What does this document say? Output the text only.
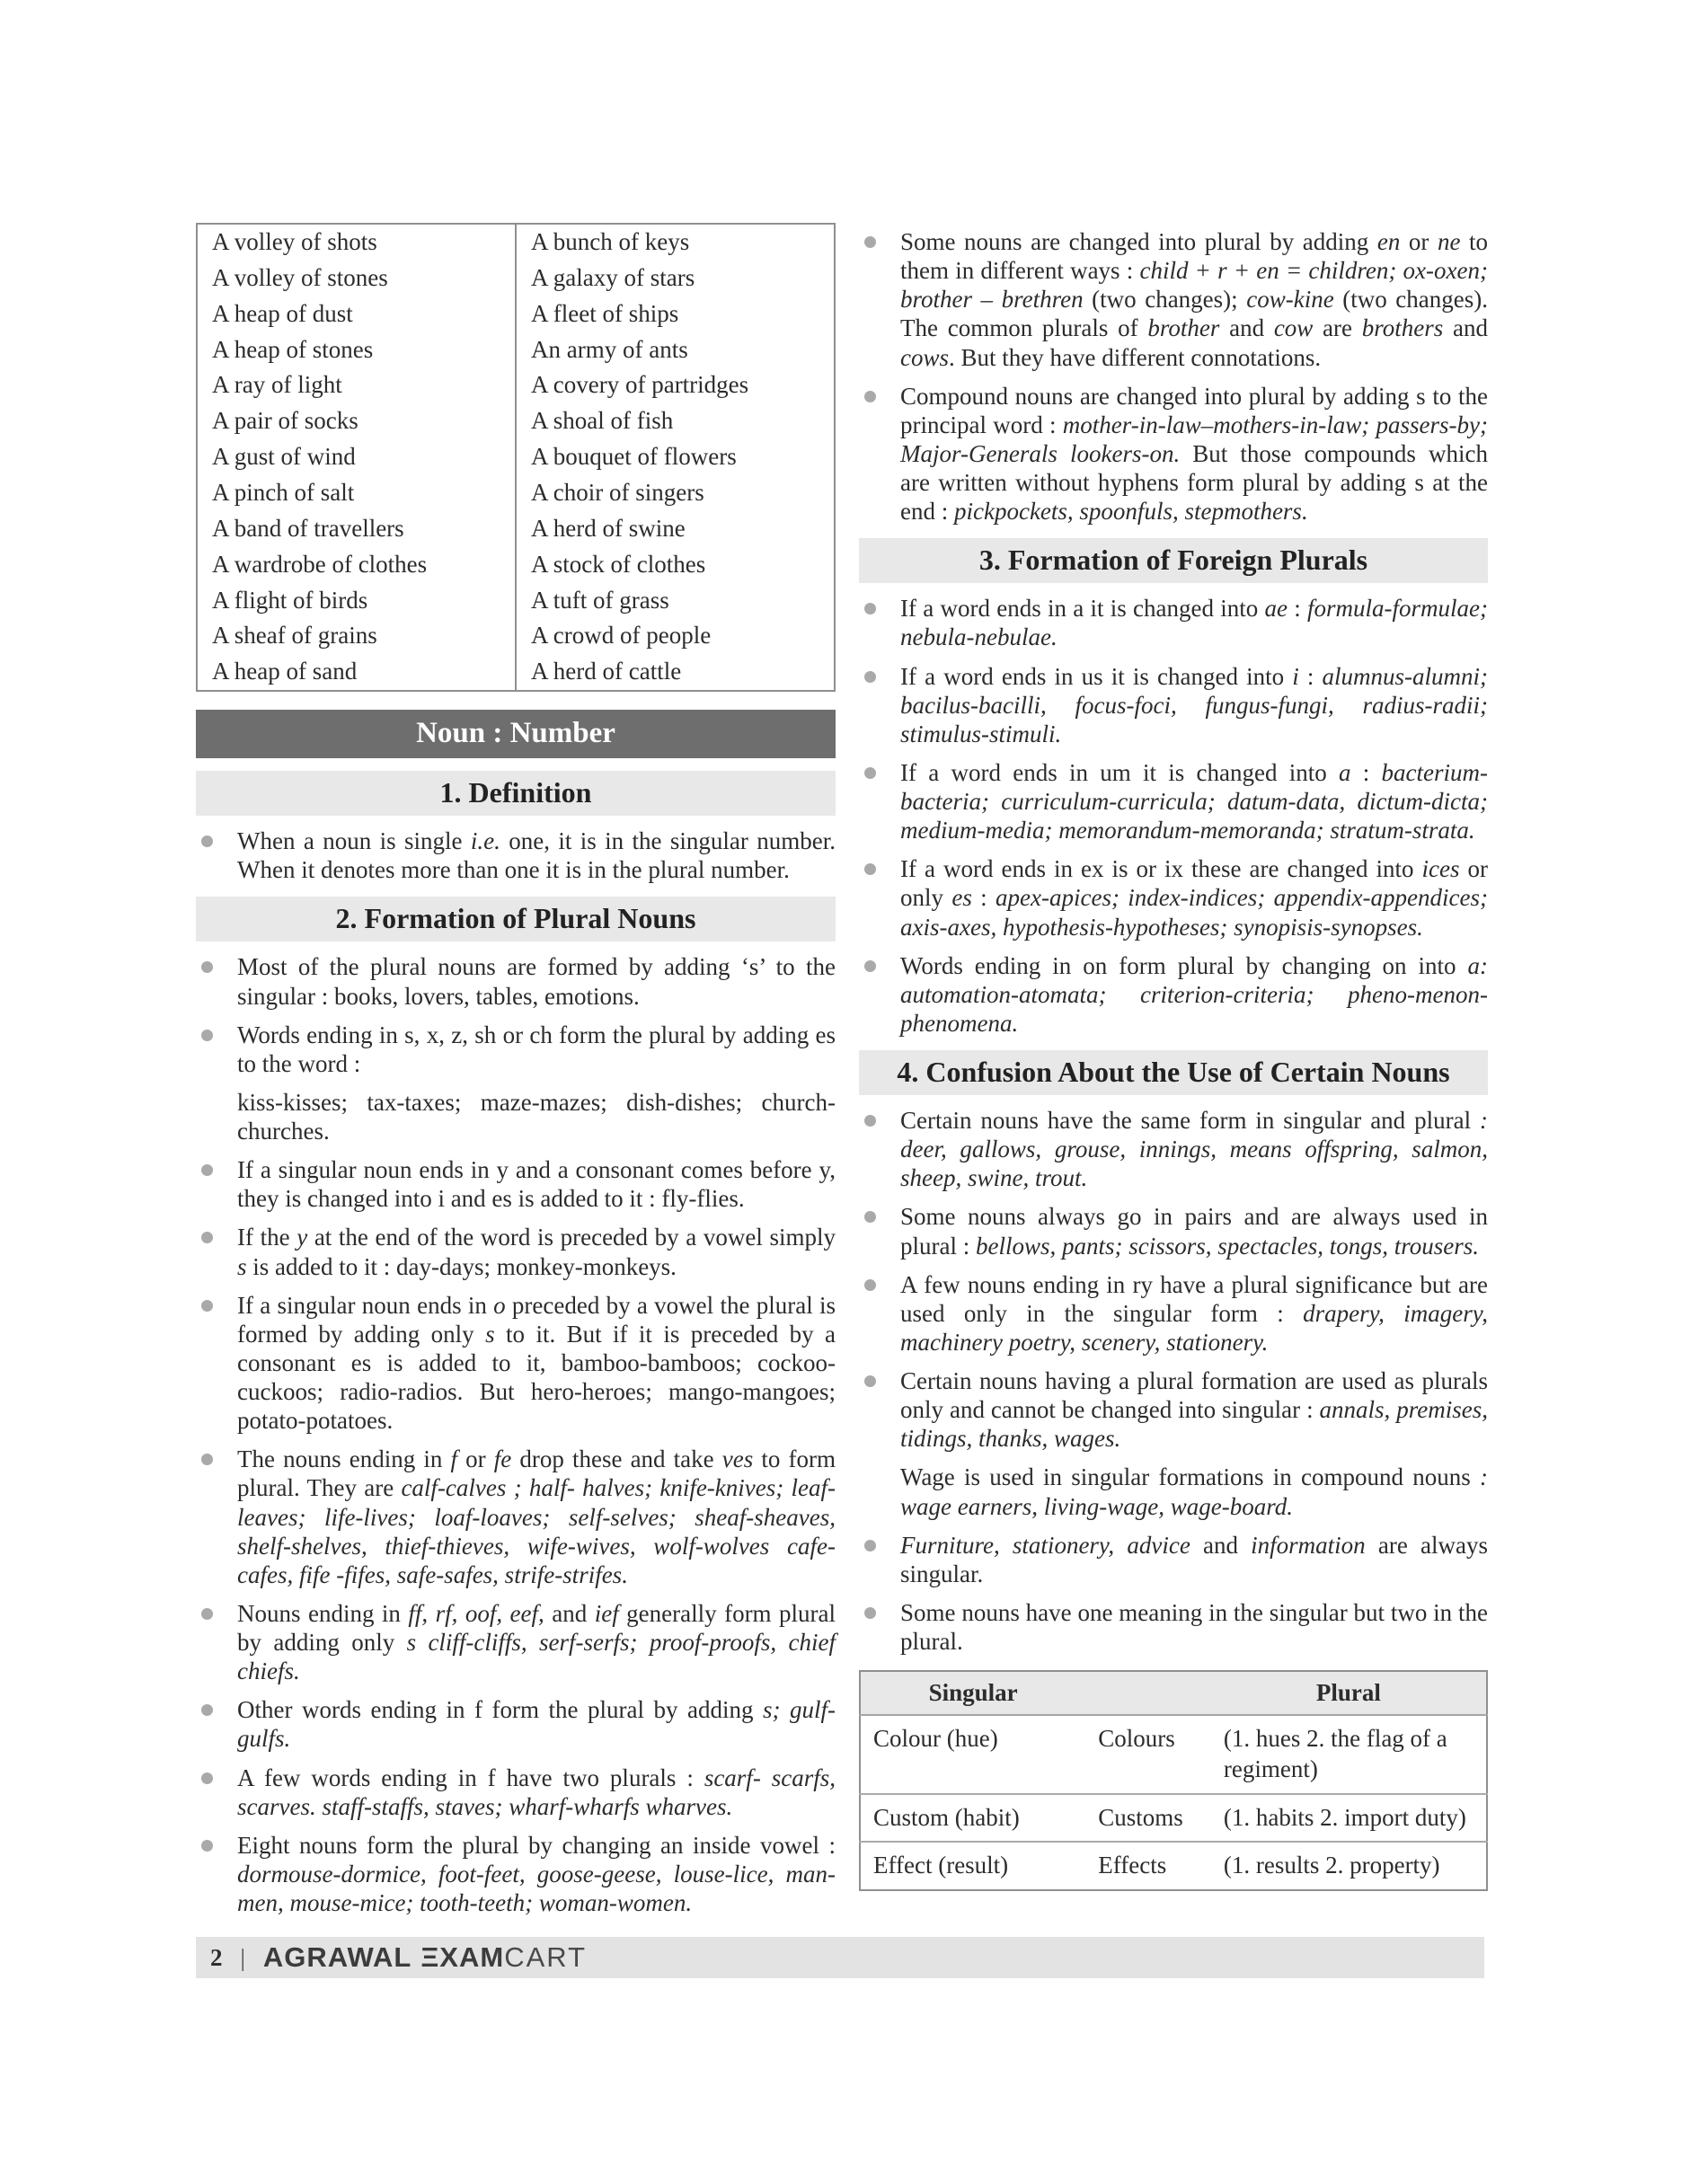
A volley of shots	A bunch of keys
A volley of stones	A galaxy of stars
A heap of dust	A fleet of ships
A heap of stones	An army of ants
A ray of light	A covery of partridges
A pair of socks	A shoal of fish
A gust of wind	A bouquet of flowers
A pinch of salt	A choir of singers
A band of travellers	A herd of swine
A wardrobe of clothes	A stock of clothes
A flight of birds	A tuft of grass
A sheaf of grains	A crowd of people
A heap of sand	A herd of cattle
Noun : Number
1. Definition
When a noun is single i.e. one, it is in the singular number. When it denotes more than one it is in the plural number.
2. Formation of Plural Nouns
Most of the plural nouns are formed by adding ‘s’ to the singular : books, lovers, tables, emotions.
Words ending in s, x, z, sh or ch form the plural by adding es to the word :
kiss-kisses; tax-taxes; maze-mazes; dish-dishes; church-churches.
If a singular noun ends in y and a consonant comes before y, they is changed into i and es is added to it : fly-flies.
If the y at the end of the word is preceded by a vowel simply s is added to it : day-days; monkey-monkeys.
If a singular noun ends in o preceded by a vowel the plural is formed by adding only s to it. But if it is preceded by a consonant es is added to it, bamboo-bamboos; cockoo-cuckoos; radio-radios. But hero-heroes; mango-mangoes; potato-potatoes.
The nouns ending in f or fe drop these and take ves to form plural. They are calf-calves ; half- halves; knife-knives; leaf-leaves; life-lives; loaf-loaves; self-selves; sheaf-sheaves, shelf-shelves, thief-thieves, wife-wives, wolf-wolves cafe-cafes, fife -fifes, safe-safes, strife-strifes.
Nouns ending in ff, rf, oof, eef, and ief generally form plural by adding only s cliff-cliffs, serf-serfs; proof-proofs, chief chiefs.
Other words ending in f form the plural by adding s; gulf-gulfs.
A few words ending in f have two plurals : scarf- scarfs, scarves. staff-staffs, staves; wharf-wharfs wharves.
Eight nouns form the plural by changing an inside vowel : dormouse-dormice, foot-feet, goose-geese, louse-lice, man-men, mouse-mice; tooth-teeth; woman-women.
Some nouns are changed into plural by adding en or ne to them in different ways : child + r + en = children; ox-oxen; brother – brethren (two changes); cow-kine (two changes). The common plurals of brother and cow are brothers and cows. But they have different connotations.
Compound nouns are changed into plural by adding s to the principal word : mother-in-law–mothers-in-law; passers-by; Major-Generals lookers-on. But those compounds which are written without hyphens form plural by adding s at the end : pickpockets, spoonfuls, stepmothers.
3. Formation of Foreign Plurals
If a word ends in a it is changed into ae : formula-formulae; nebula-nebulae.
If a word ends in us it is changed into i : alumnus-alumni; bacilus-bacilli, focus-foci, fungus-fungi, radius-radii; stimulus-stimuli.
If a word ends in um it is changed into a : bacterium-bacteria; curriculum-curricula; datum-data, dictum-dicta; medium-media; memorandum-memoranda; stratum-strata.
If a word ends in ex is or ix these are changed into ices or only es : apex-apices; index-indices; appendix-appendices; axis-axes, hypothesis-hypotheses; synopisis-synopses.
Words ending in on form plural by changing on into a: automation-atomata; criterion-criteria; pheno-menon-phenomena.
4. Confusion About the Use of Certain Nouns
Certain nouns have the same form in singular and plural : deer, gallows, grouse, innings, means offspring, salmon, sheep, swine, trout.
Some nouns always go in pairs and are always used in plural : bellows, pants; scissors, spectacles, tongs, trousers.
A few nouns ending in ry have a plural significance but are used only in the singular form : drapery, imagery, machinery poetry, scenery, stationery.
Certain nouns having a plural formation are used as plurals only and cannot be changed into singular : annals, premises, tidings, thanks, wages.
Wage is used in singular formations in compound nouns : wage earners, living-wage, wage-board.
Furniture, stationery, advice and information are always singular.
Some nouns have one meaning in the singular but two in the plural.
Singular		Plural
Colour (hue)	Colours	(1. hues 2. the flag of a regiment)
Custom (habit)	Customs	(1. habits 2. import duty)
Effect (result)	Effects	(1. results 2. property)
2 | AGRAWAL ΞXAMCART
